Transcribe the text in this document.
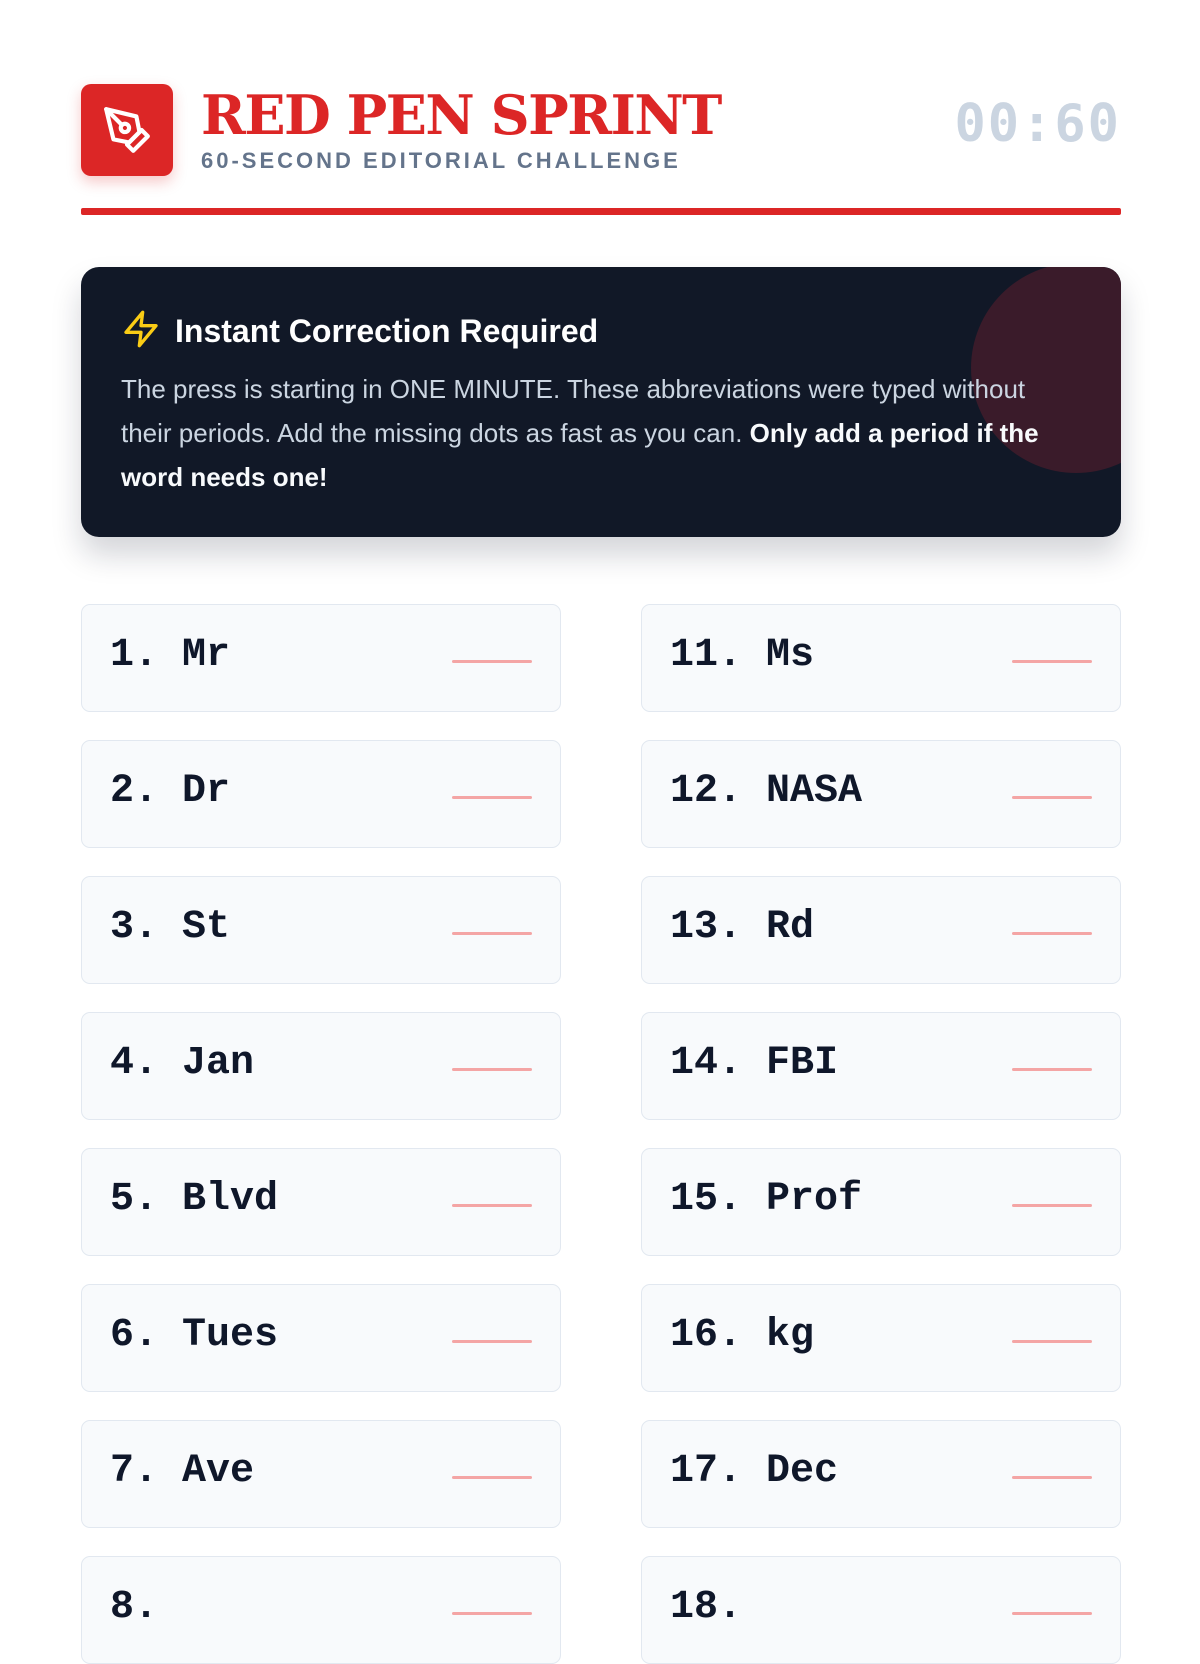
RED PEN SPRINT
60-SECOND EDITORIAL CHALLENGE
00:60
Instant Correction Required
The press is starting in ONE MINUTE. These abbreviations were typed without their periods. Add the missing dots as fast as you can. Only add a period if the word needs one!
1. Mr	11. Ms
2. Dr	12. NASA
3. St	13. Rd
4. Jan	14. FBI
5. Blvd	15. Prof
6. Tues	16. kg
7. Ave	17. Dec
8.	18.
